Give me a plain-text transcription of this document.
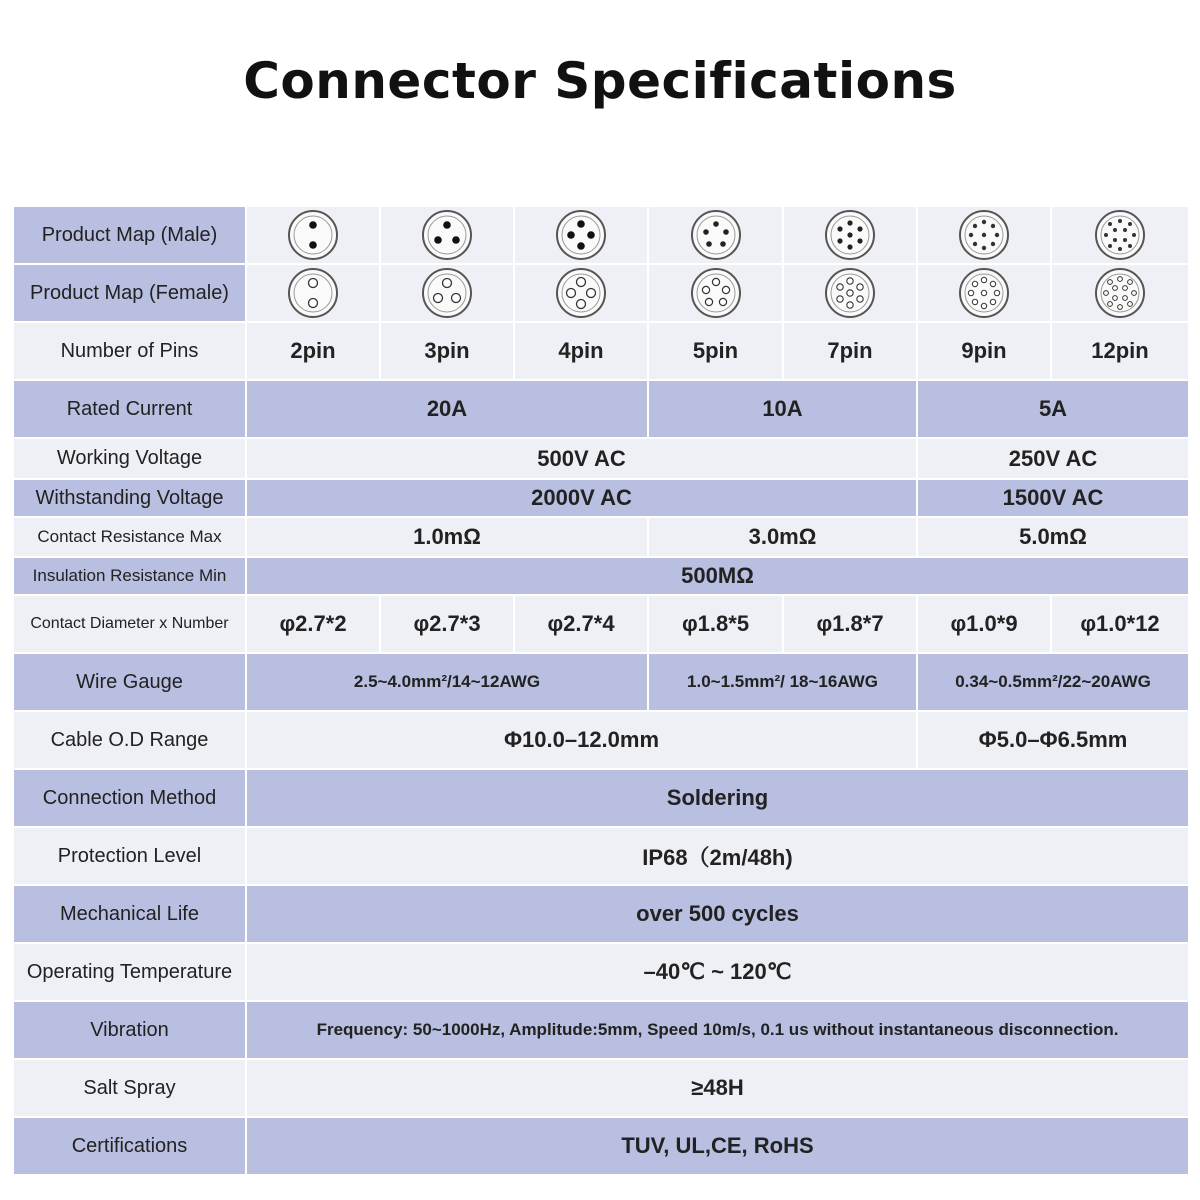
Connector Specifications
Product Map (Male)	

Product Map (Female)	

Number of Pins	2pin	3pin	4pin	5pin	7pin	9pin	12pin
Rated Current	20A			10A		5A	
Working Voltage	500V AC					250V AC	
Withstanding Voltage	2000V AC					1500V AC	
Contact Resistance Max	1.0mΩ			3.0mΩ		5.0mΩ	
Insulation Resistance Min	500MΩ						
Contact Diameter x Number	φ2.7*2	φ2.7*3	φ2.7*4	φ1.8*5	φ1.8*7	φ1.0*9	φ1.0*12
Wire Gauge	2.5~4.0mm²/14~12AWG			1.0~1.5mm²/ 18~16AWG		0.34~0.5mm²/22~20AWG	
Cable O.D Range	Φ10.0–12.0mm					Φ5.0–Φ6.5mm	
Connection Method	Soldering						
Protection Level	IP68（2m/48h)						
Mechanical Life	over 500 cycles						
Operating Temperature	–40℃ ~ 120℃						
Vibration	Frequency: 50~1000Hz, Amplitude:5mm, Speed 10m/s, 0.1 us without instantaneous disconnection.						
Salt Spray	≥48H						
Certifications	TUV, UL,CE, RoHS						
